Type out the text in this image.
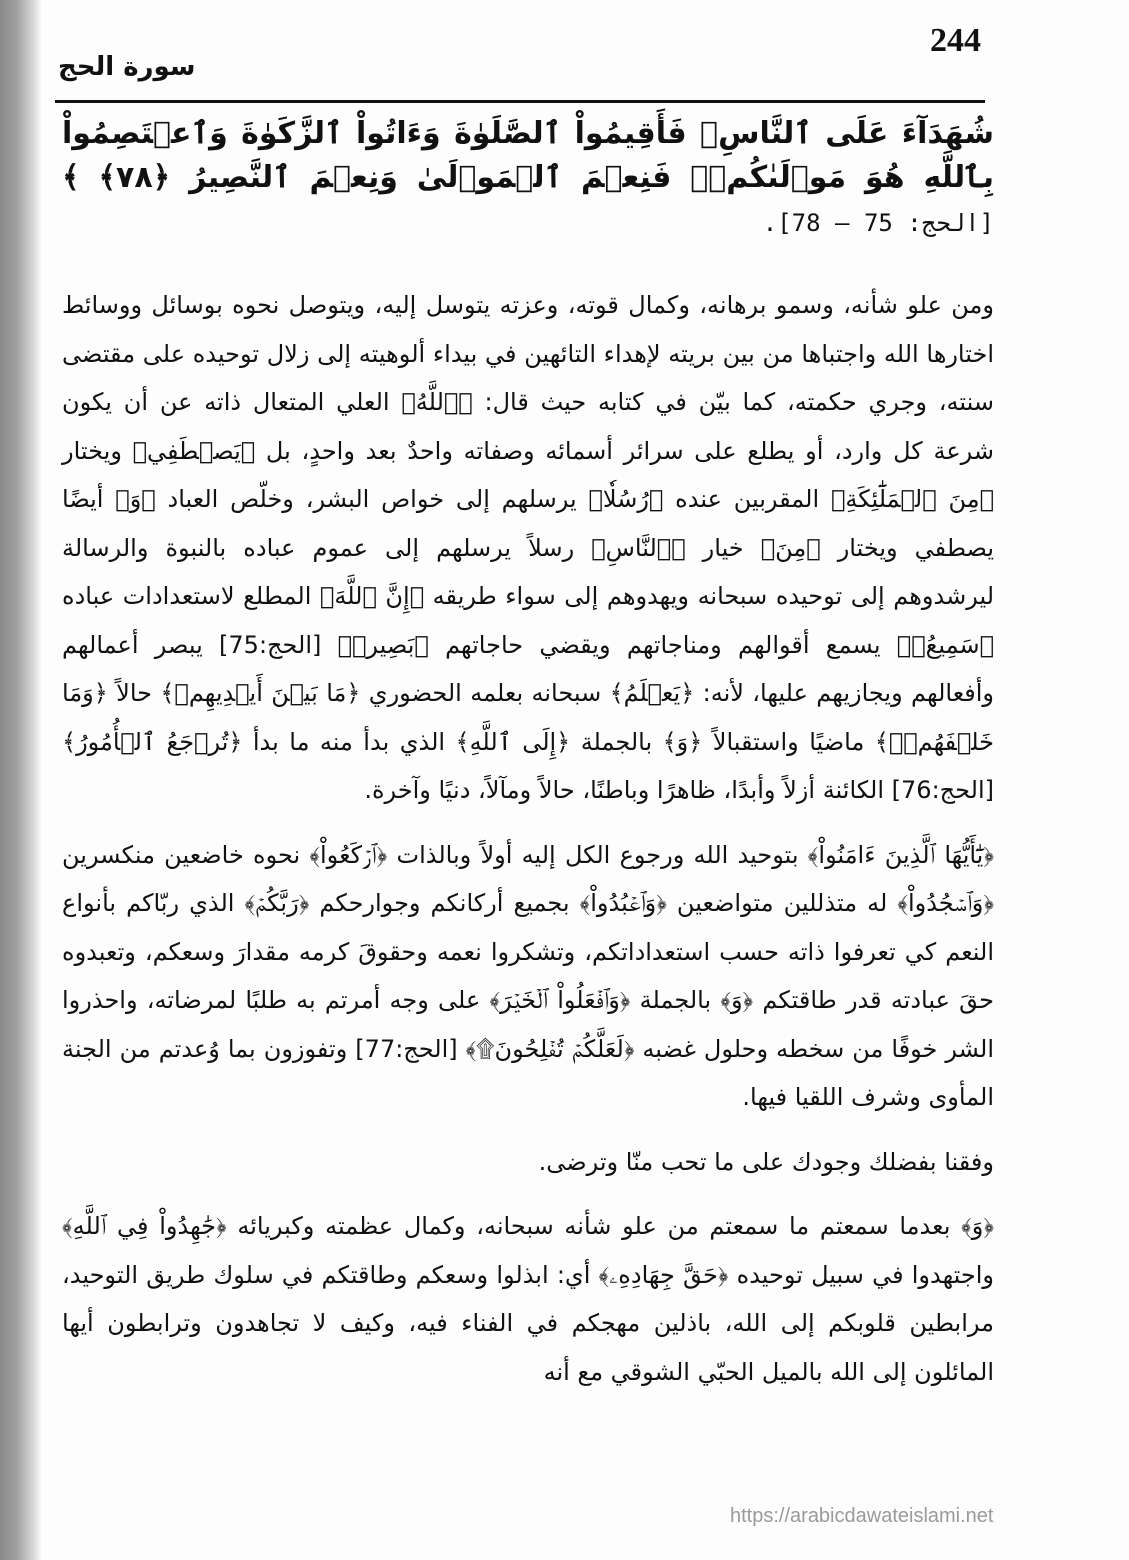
244
سورة الحج

شُهَدَآءَ عَلَى ٱلنَّاسِۚ فَأَقِيمُواْ ٱلصَّلَوٰةَ وَءَاتُواْ ٱلزَّكَوٰةَ وَٱعۡتَصِمُواْ بِٱللَّهِ هُوَ مَوۡلَىٰكُمۡۖ فَنِعۡمَ ٱلۡمَوۡلَىٰ وَنِعۡمَ ٱلنَّصِيرُ ﴿٧٨﴾ ﴾ [الحج: 75 – 78].

ومن علو شأنه، وسمو برهانه، وكمال قوته، وعزته يتوسل إليه، ويتوصل نحوه بوسائل ووسائط اختارها الله واجتباها من بين بريته لإهداء التائهين في بيداء ألوهيته إلى زلال توحيده على مقتضى سنته، وجري حكمته، كما بيّن في كتابه حيث قال: ﴿ٱللَّهُ﴾ العلي المتعال ذاته عن أن يكون شرعة كل وارد، أو يطلع على سرائر أسمائه وصفاته واحدٌ بعد واحدٍ، بل ﴿يَصۡطَفِي﴾ ويختار ﴿مِنَ ٱلۡمَلَٰٓئِكَةِ﴾ المقربين عنده ﴿رُسُلٗا﴾ يرسلهم إلى خواص البشر، وخلّص العباد ﴿وَ﴾ أيضًا يصطفي ويختار ﴿مِنَ﴾ خيار ﴿ٱلنَّاسِ﴾ رسلاً يرسلهم إلى عموم عباده بالنبوة والرسالة ليرشدوهم إلى توحيده سبحانه ويهدوهم إلى سواء طريقه ﴿إِنَّ ٱللَّهَ﴾ المطلع لاستعدادات عباده ﴿سَمِيعُۢ﴾ يسمع أقوالهم ومناجاتهم ويقضي حاجاتهم ﴿بَصِيرٞ﴾ [الحج:75] يبصر أعمالهم وأفعالهم ويجازيهم عليها، لأنه: ﴿يَعۡلَمُ﴾ سبحانه بعلمه الحضوري ﴿مَا بَيۡنَ أَيۡدِيهِمۡ﴾ حالاً ﴿وَمَا خَلۡفَهُمۡۚ﴾ ماضيًا واستقبالاً ﴿وَ﴾ بالجملة ﴿إِلَى ٱللَّهِ﴾ الذي بدأ منه ما بدأ ﴿تُرۡجَعُ ٱلۡأُمُورُ﴾ [الحج:76] الكائنة أزلاً وأبدًا، ظاهرًا وباطنًا، حالاً ومآلاً، دنيًا وآخرة.

﴿يَٰٓأَيُّهَا ٱلَّذِينَ ءَامَنُواْ﴾ بتوحيد الله ورجوع الكل إليه أولاً وبالذات ﴿ٱرۡكَعُواْ﴾ نحوه خاضعين منكسرين ﴿وَٱسۡجُدُواْ﴾ له متذللين متواضعين ﴿وَٱعۡبُدُواْ﴾ بجميع أركانكم وجوارحكم ﴿رَبَّكُمۡ﴾ الذي ربّاكم بأنواع النعم كي تعرفوا ذاته حسب استعداداتكم، وتشكروا نعمه وحقوقَ كرمه مقدارَ وسعكم، وتعبدوه حقَ عبادته قدر طاقتكم ﴿وَ﴾ بالجملة ﴿وَٱفۡعَلُواْ ٱلۡخَيۡرَ﴾ على وجه أمرتم به طلبًا لمرضاته، واحذروا الشر خوفًا من سخطه وحلول غضبه ﴿لَعَلَّكُمۡ تُفۡلِحُونَ۩﴾ [الحج:77] وتفوزون بما وُعدتم من الجنة المأوى وشرف اللقيا فيها.

وفقنا بفضلك وجودك على ما تحب منّا وترضى.

﴿وَ﴾ بعدما سمعتم ما سمعتم من علو شأنه سبحانه، وكمال عظمته وكبريائه ﴿جَٰهِدُواْ فِي ٱللَّهِ﴾ واجتهدوا في سبيل توحيده ﴿حَقَّ جِهَادِهِۦ﴾ أي: ابذلوا وسعكم وطاقتكم في سلوك طريق التوحيد، مرابطين قلوبكم إلى الله، باذلين مهجكم في الفناء فيه، وكيف لا تجاهدون وترابطون أيها المائلون إلى الله بالميل الحبّي الشوقي مع أنه

https://arabicdawateislami.net
